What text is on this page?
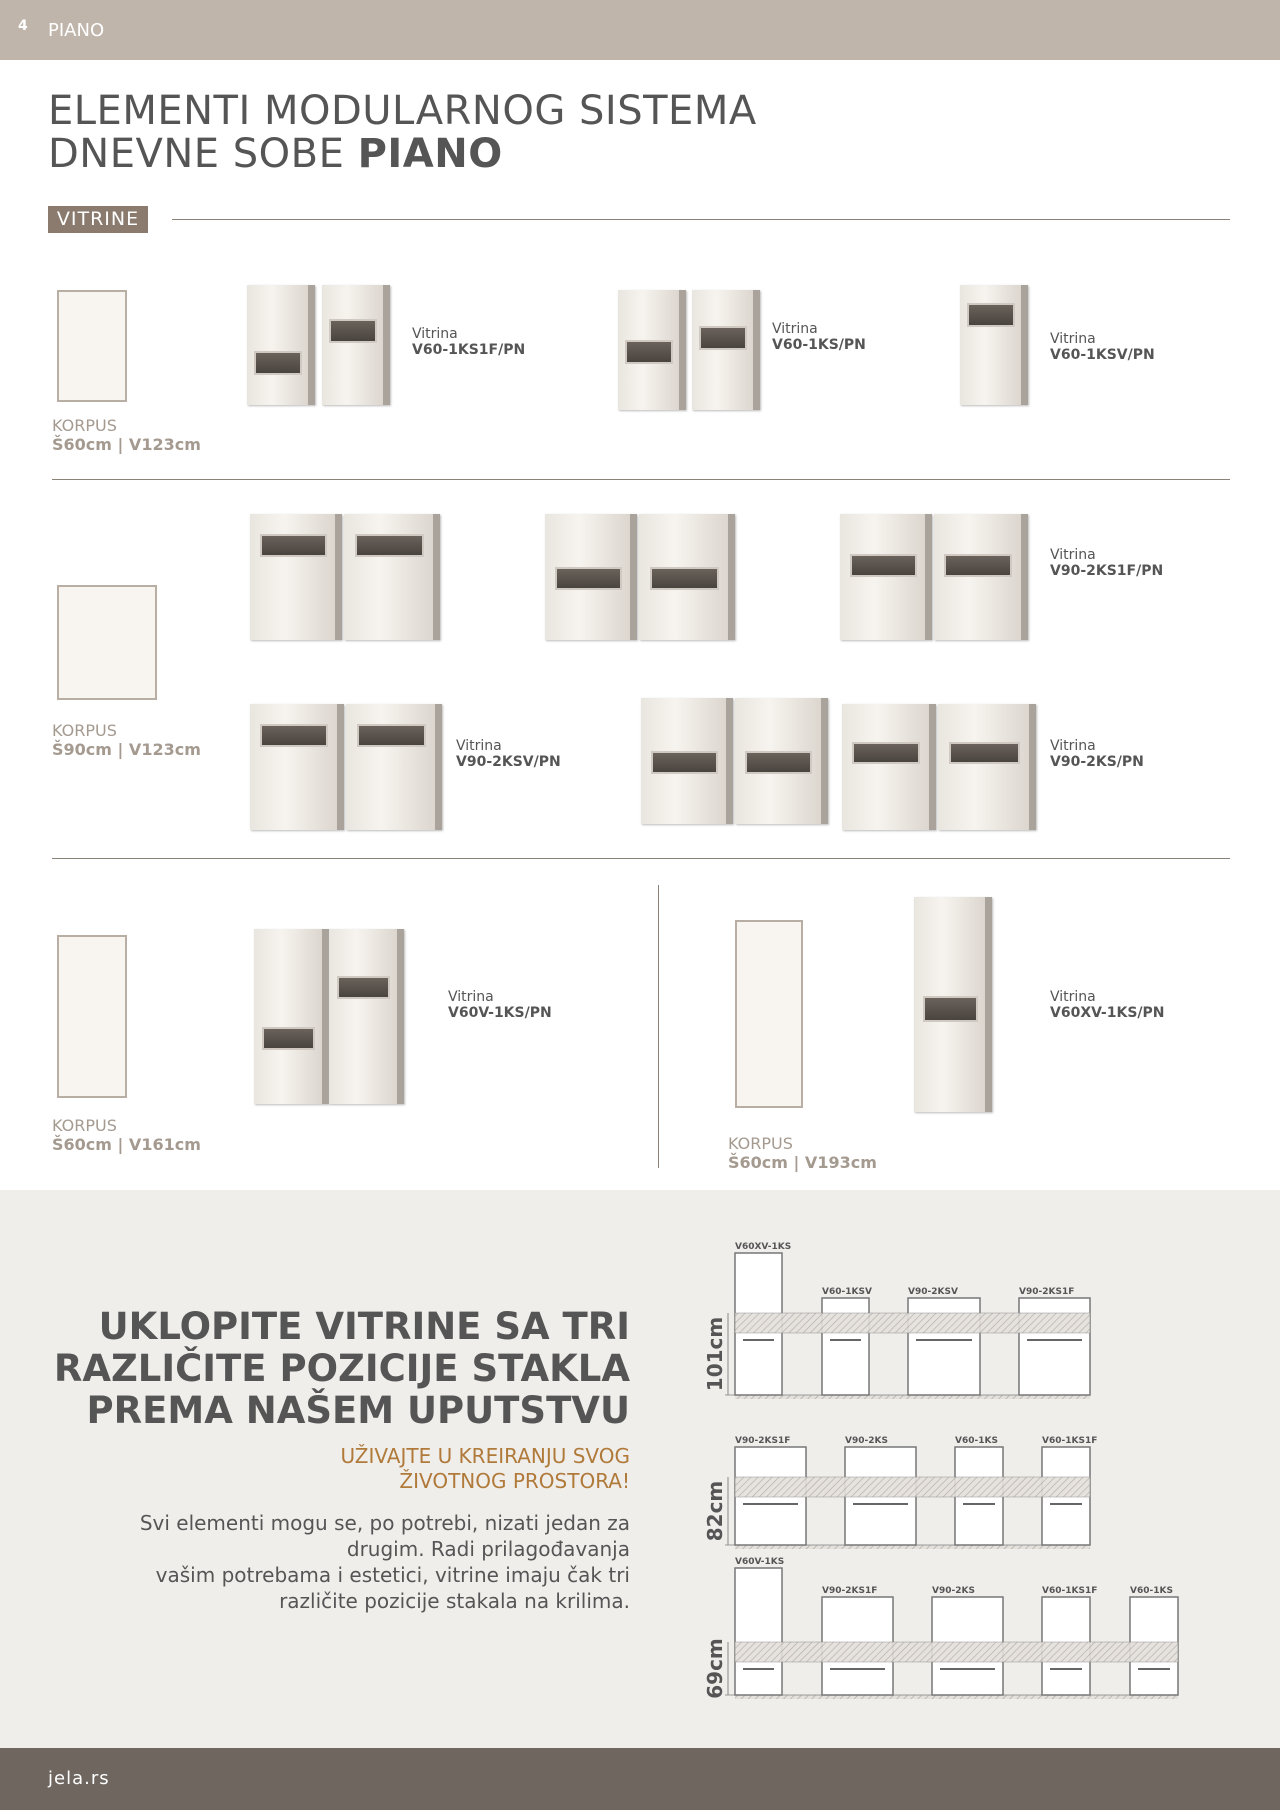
4 PIANO
ELEMENTI MODULARNOG SISTEMA
DNEVNE SOBE PIANO
VITRINE
KORPUS
Š60cm | V123cm
Vitrina
V60-1KS1F/PN
Vitrina
V60-1KS/PN	Vitrina
V60-1KSV/PN
KORPUS
Š90cm | V123cm
Vitrina
V90-2KS1F/PN
Vitrina
V90-2KSV/PN
Vitrina
V90-2KS/PN
KORPUS
Š60cm | V161cm
Vitrina
V60V-1KS/PN
KORPUS
Š60cm | V193cm
Vitrina
V60XV-1KS/PN
UKLOPITE VITRINE SA TRI
RAZLIČITE POZICIJE STAKLA
PREMA NAŠEM UPUTSTVU
UŽIVAJTE U KREIRANJU SVOG
ŽIVOTNOG PROSTORA!
Svi elementi mogu se, po potrebi, nizati jedan za
drugim. Radi prilagođavanja
vašim potrebama i estetici, vitrine imaju čak tri
različite pozicije stakala na krilima.
V60XV-1KS
V60-1KSV	V90-2KSV	V90-2KS1F
101cm
V90-2KS1F	V90-2KS	V60-1KS	V60-1KS1F
82cm
V60V-1KS
V90-2KS1F	V90-2KS	V60-1KS1F	V60-1KS
69cm
jela.rs
